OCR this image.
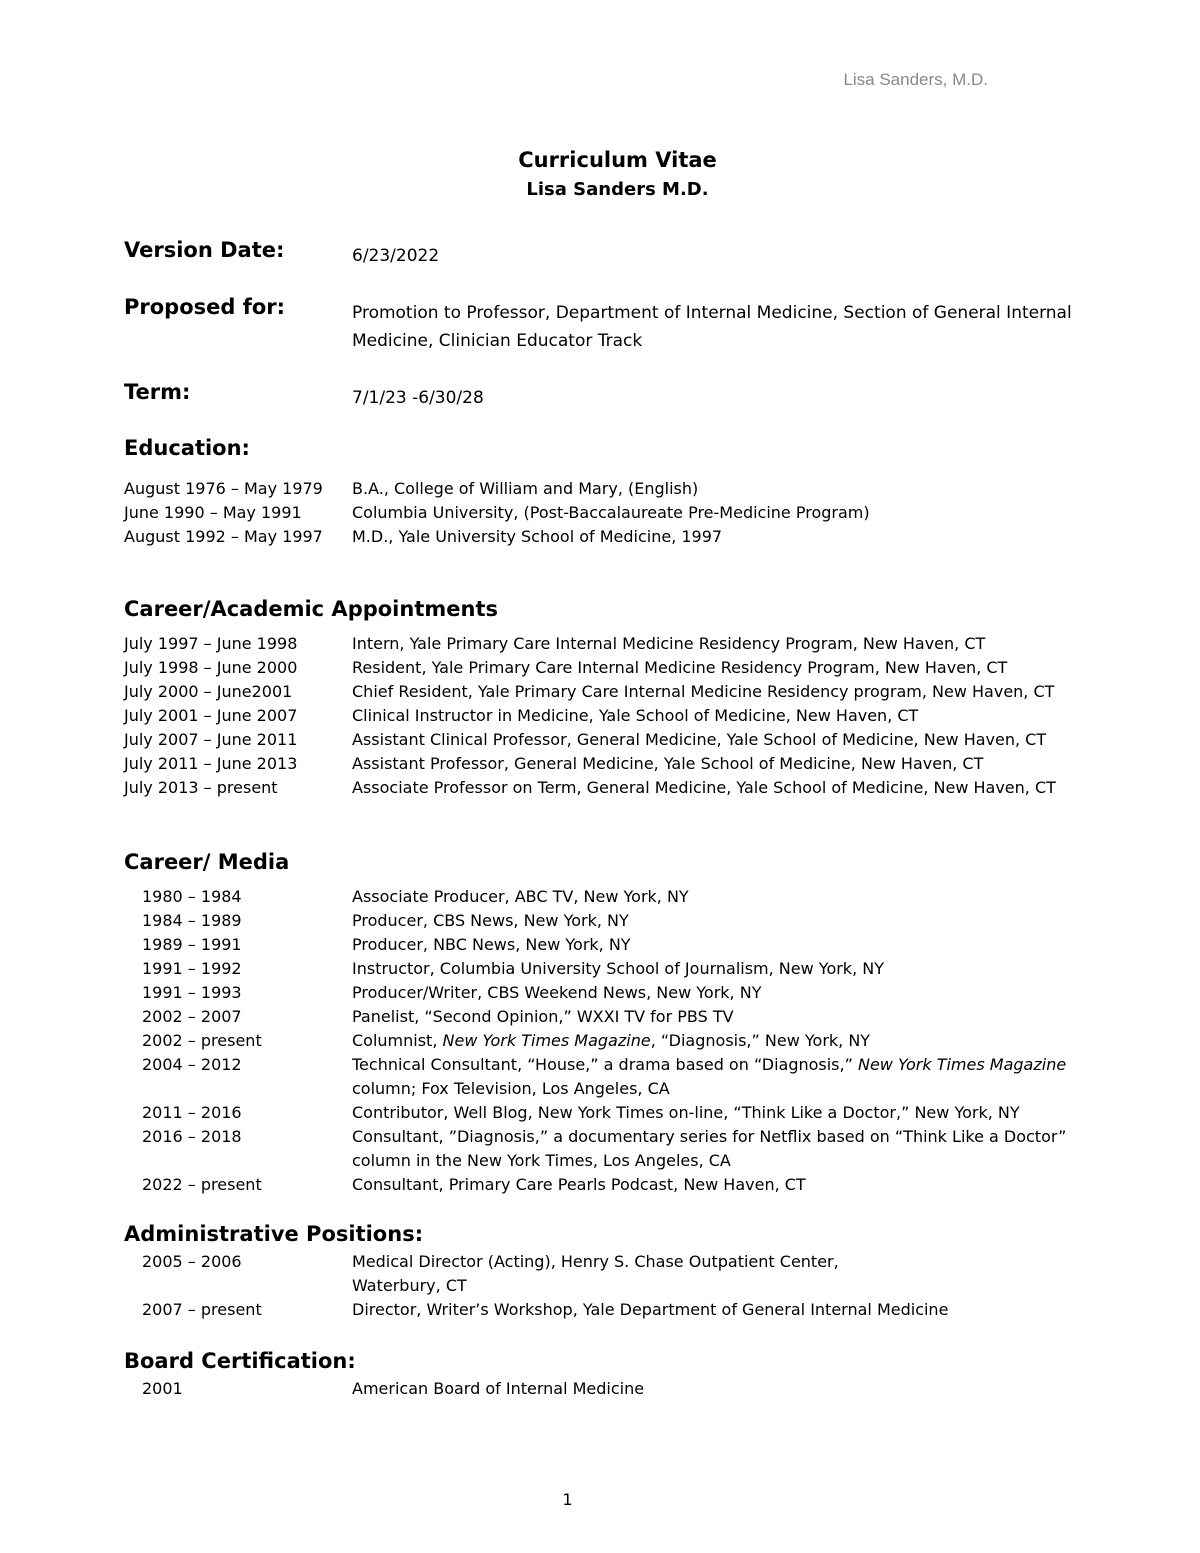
Lisa Sanders, M.D.
Curriculum Vitae
Lisa Sanders M.D.
Version Date:	6/23/2022
Proposed for:	Promotion to Professor, Department of Internal Medicine, Section of General Internal Medicine, Clinician Educator Track
Term:	7/1/23 -6/30/28
Education:
August 1976 – May 1979 B.A., College of William and Mary, (English)
June 1990 – May 1991	Columbia University, (Post-Baccalaureate Pre-Medicine Program)
August 1992 – May 1997 M.D., Yale University School of Medicine, 1997
Career/Academic Appointments
July 1997 – June 1998	Intern, Yale Primary Care Internal Medicine Residency Program, New Haven, CT
July 1998 – June 2000	Resident, Yale Primary Care Internal Medicine Residency Program, New Haven, CT
July 2000 – June2001	Chief Resident, Yale Primary Care Internal Medicine Residency program, New Haven, CT
July 2001 – June 2007	Clinical Instructor in Medicine, Yale School of Medicine, New Haven, CT
July 2007 – June 2011	Assistant Clinical Professor, General Medicine, Yale School of Medicine, New Haven, CT
July 2011 – June 2013	Assistant Professor, General Medicine, Yale School of Medicine, New Haven, CT
July 2013 – present	Associate Professor on Term, General Medicine, Yale School of Medicine, New Haven, CT
Career/ Media
1980 – 1984	Associate Producer, ABC TV, New York, NY
1984 – 1989	Producer, CBS News, New York, NY
1989 – 1991	Producer, NBC News, New York, NY
1991 – 1992	Instructor, Columbia University School of Journalism, New York, NY
1991 – 1993	Producer/Writer, CBS Weekend News, New York, NY
2002 – 2007	Panelist, “Second Opinion,” WXXI TV for PBS TV
2002 – present	Columnist, New York Times Magazine, “Diagnosis,” New York, NY
2004 – 2012	Technical Consultant, “House,” a drama based on “Diagnosis,” New York Times Magazine column; Fox Television, Los Angeles, CA
2011 – 2016	Contributor, Well Blog, New York Times on-line, “Think Like a Doctor,” New York, NY
2016 – 2018	Consultant, ”Diagnosis,” a documentary series for Netflix based on “Think Like a Doctor” column in the New York Times, Los Angeles, CA
2022 – present	Consultant, Primary Care Pearls Podcast, New Haven, CT
Administrative Positions:
2005 – 2006	Medical Director (Acting), Henry S. Chase Outpatient Center,
Waterbury, CT
2007 – present	Director, Writer’s Workshop, Yale Department of General Internal Medicine
Board Certification:
2001	American Board of Internal Medicine
1
